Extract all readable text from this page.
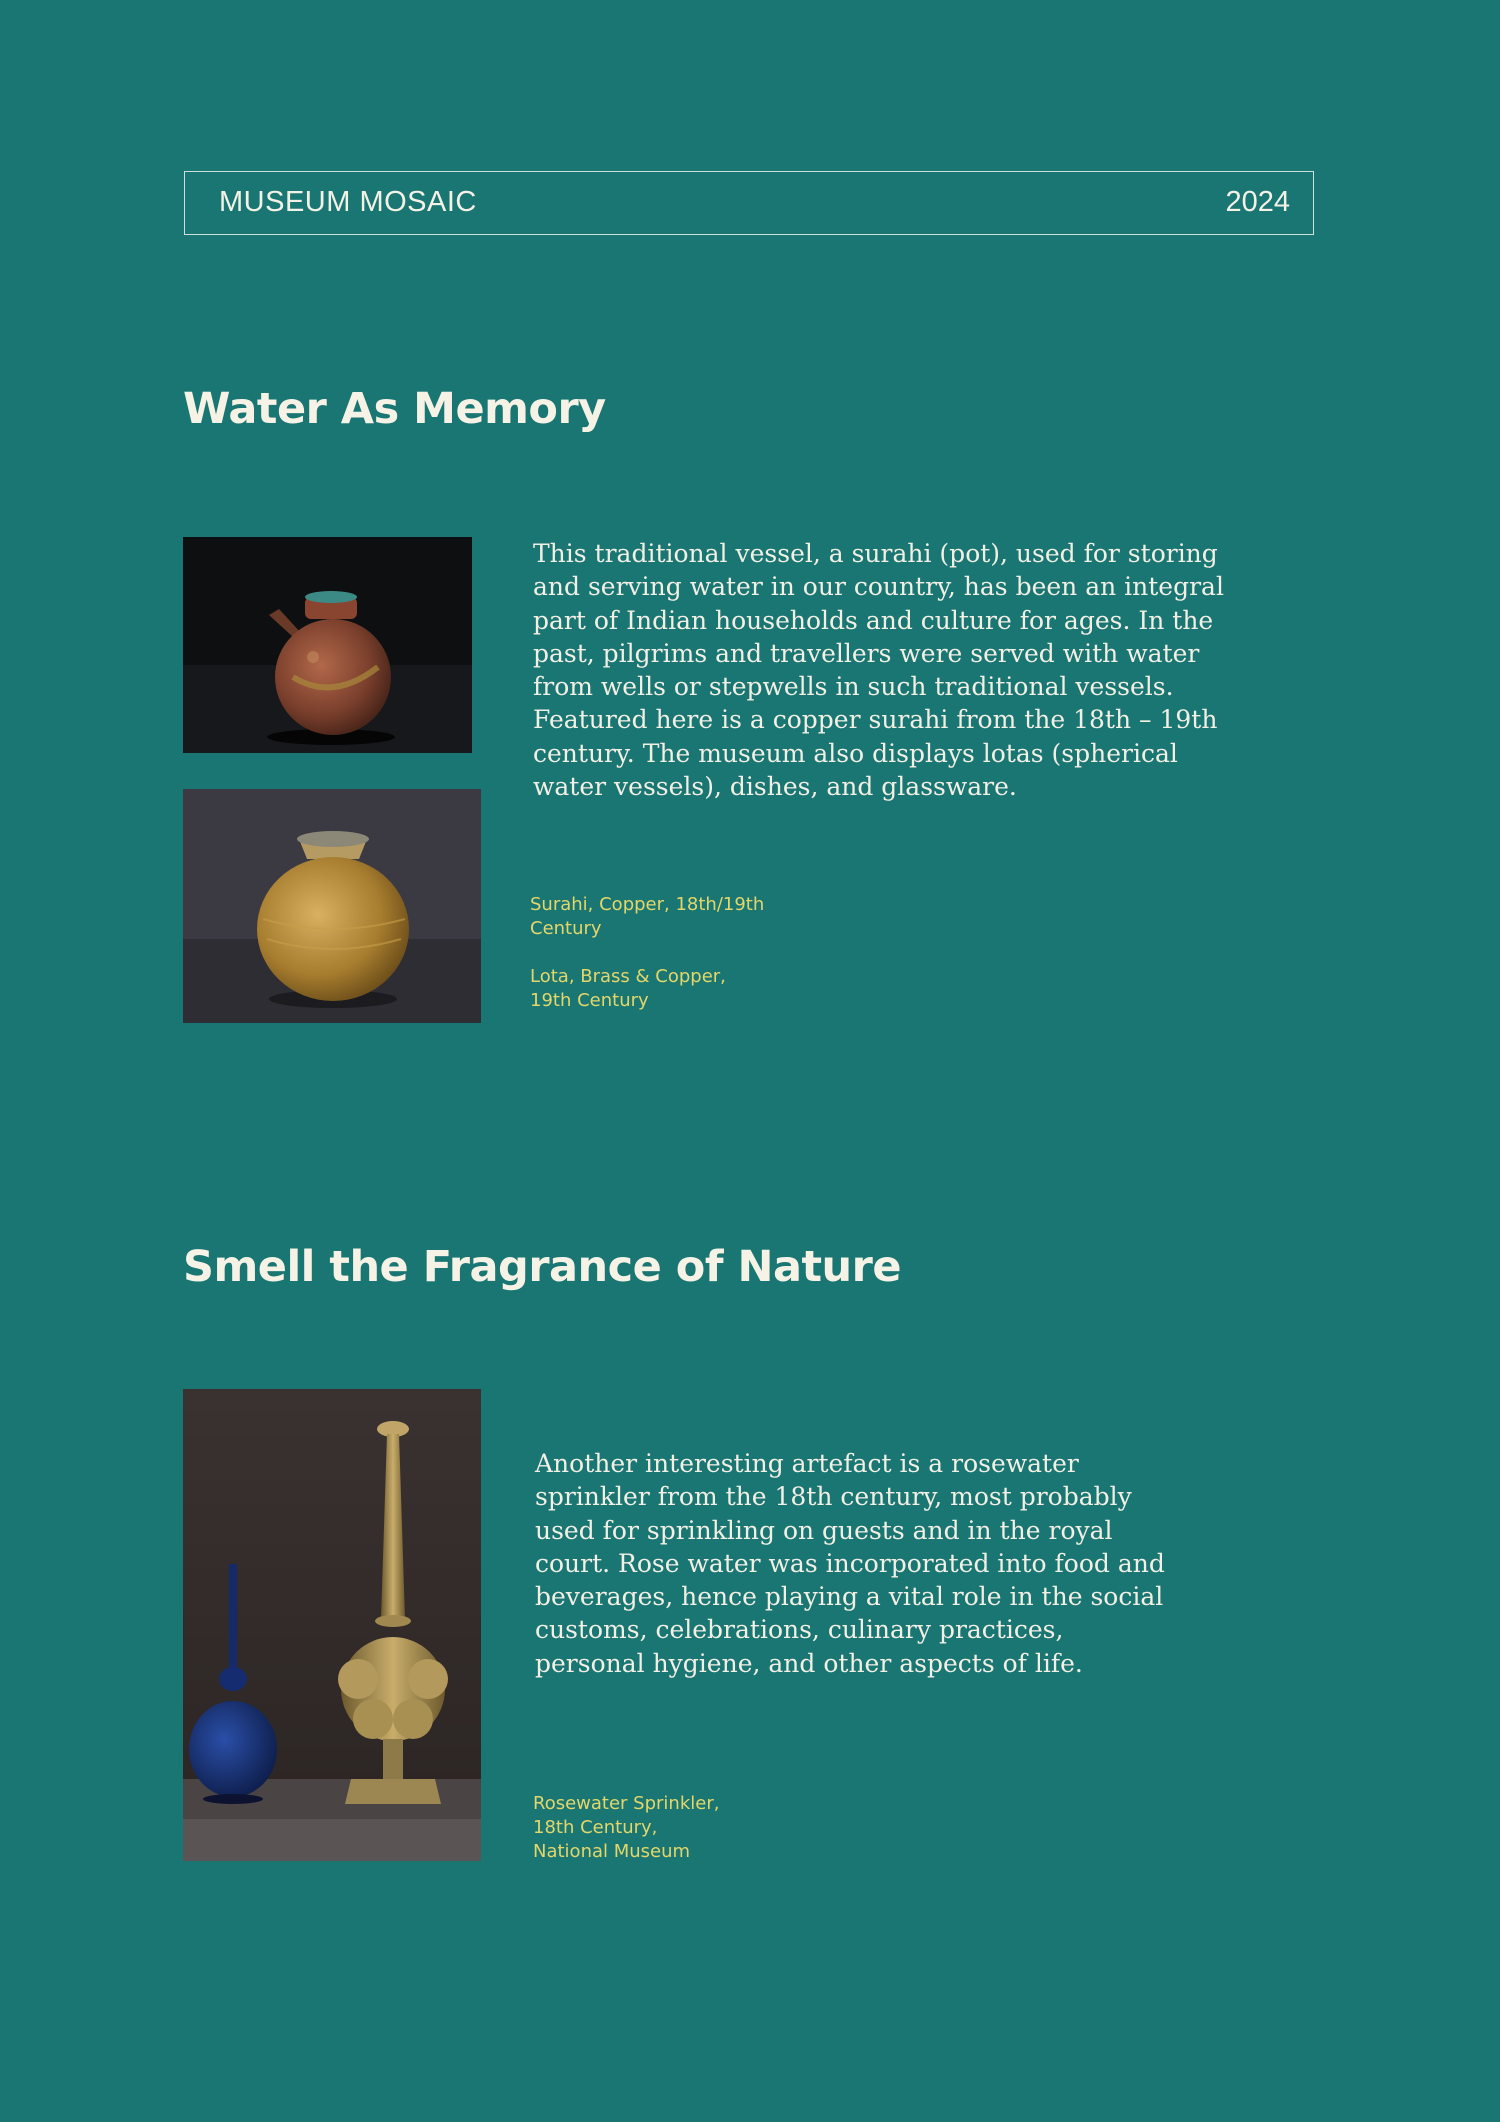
MUSEUM MOSAIC	2024
Water As Memory

This traditional vessel, a surahi (pot), used for storing and serving water in our country, has been an integral part of Indian households and culture for ages. In the past, pilgrims and travellers were served with water from wells or stepwells in such traditional vessels. Featured here is a copper surahi from the 18th – 19th century. The museum also displays lotas (spherical water vessels), dishes, and glassware.

Surahi, Copper, 18th/19th Century

Lota, Brass & Copper, 19th Century

Smell the Fragrance of Nature

Another interesting artefact is a rosewater sprinkler from the 18th century, most probably used for sprinkling on guests and in the royal court. Rose water was incorporated into food and beverages, hence playing a vital role in the social customs, celebrations, culinary practices, personal hygiene, and other aspects of life.

Rosewater Sprinkler,
18th Century,
National Museum
